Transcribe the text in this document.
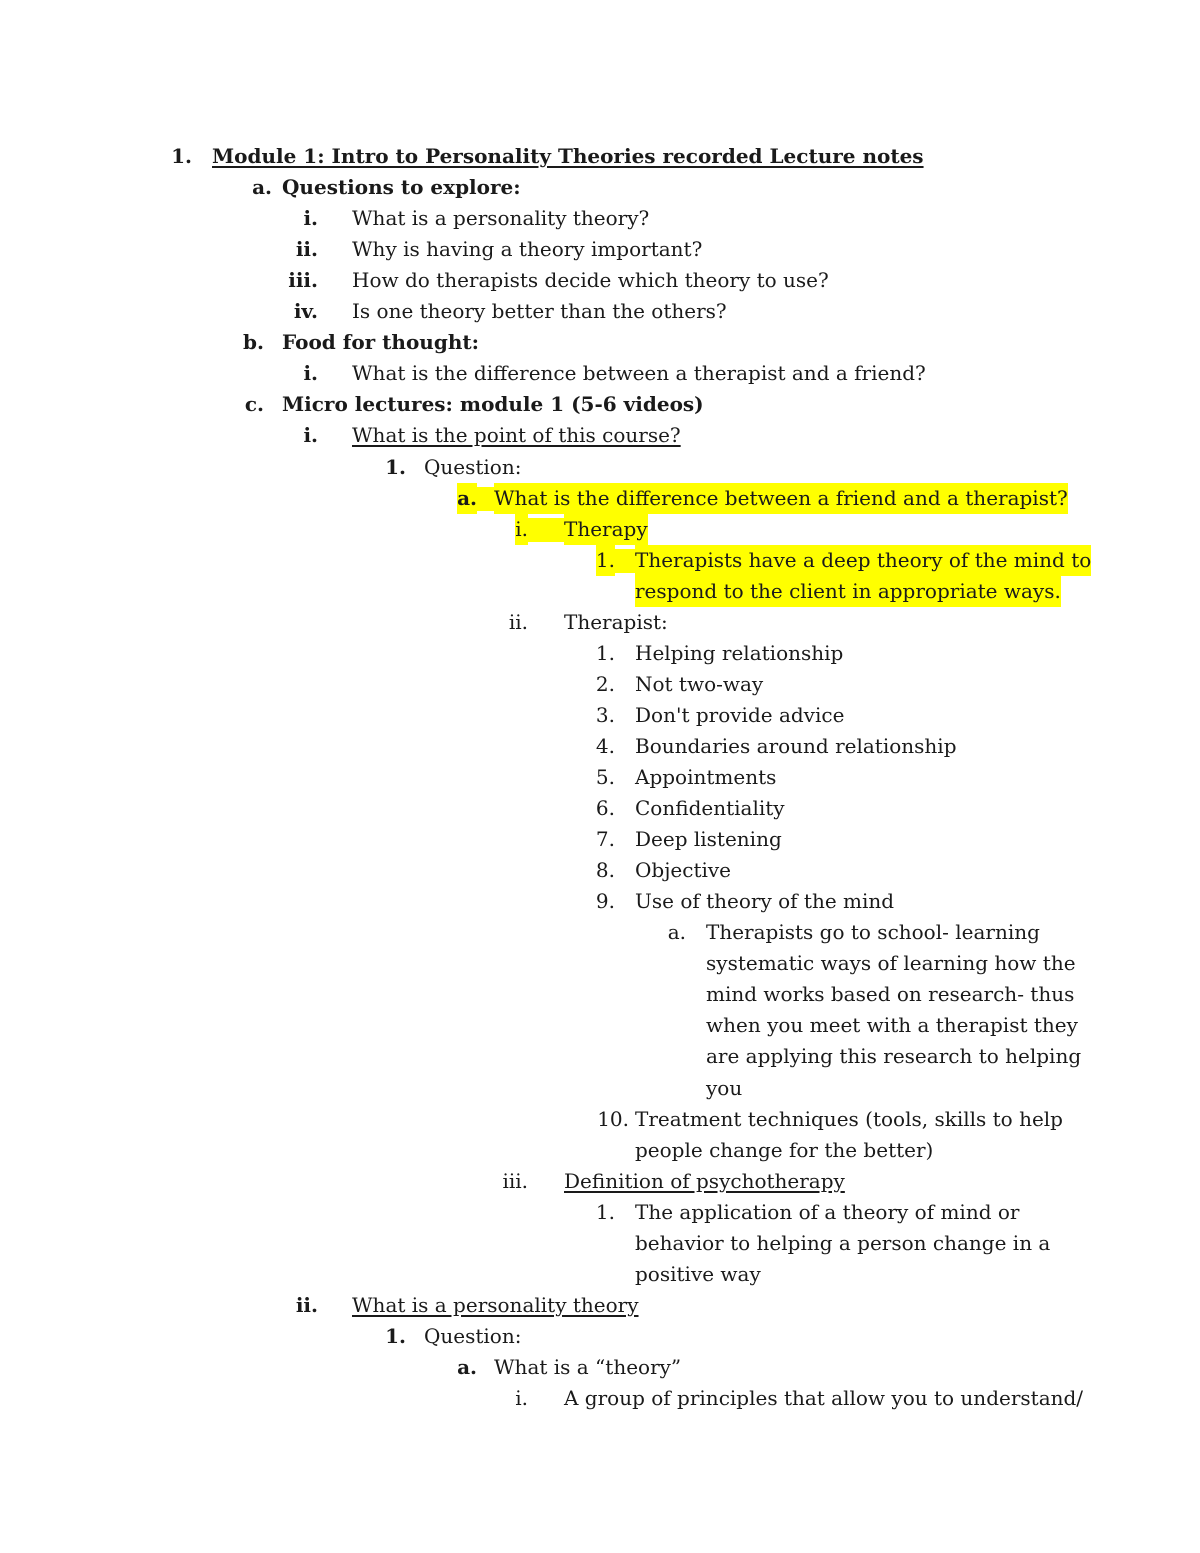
1. Module 1: Intro to Personality Theories recorded Lecture notes
a. Questions to explore:
i. What is a personality theory?
ii. Why is having a theory important?
iii. How do therapists decide which theory to use?
iv. Is one theory better than the others?
b. Food for thought:
i. What is the difference between a therapist and a friend?
c. Micro lectures: module 1 (5-6 videos)
i. What is the point of this course?
1. Question:
a. What is the difference between a friend and a therapist?
i. Therapy
1. Therapists have a deep theory of the mind to
respond to the client in appropriate ways.
ii. Therapist:
1. Helping relationship
2. Not two-way
3. Don't provide advice
4. Boundaries around relationship
5. Appointments
6. Confidentiality
7. Deep listening
8. Objective
9. Use of theory of the mind
a. Therapists go to school- learning
systematic ways of learning how the
mind works based on research- thus
when you meet with a therapist they
are applying this research to helping
you
10. Treatment techniques (tools, skills to help
people change for the better)
iii. Definition of psychotherapy
1. The application of a theory of mind or
behavior to helping a person change in a
positive way
ii. What is a personality theory
1. Question:
a. What is a “theory”
i. A group of principles that allow you to understand/
